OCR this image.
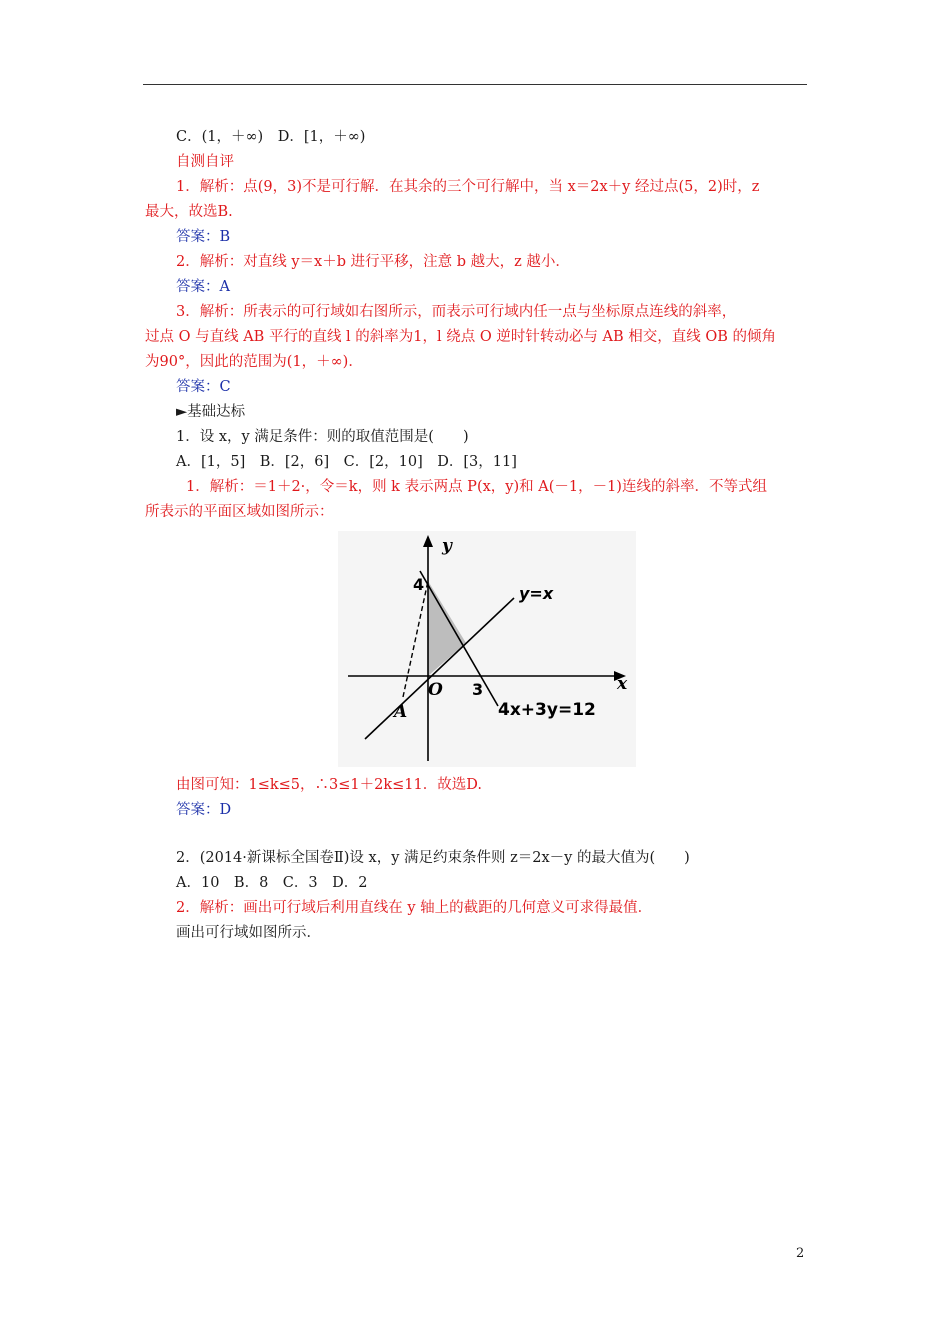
C．(1，＋∞)　D．[1，＋∞)
自测自评
1．解析：点(9，3)不是可行解．在其余的三个可行解中，当 x＝2x＋y 经过点(5，2)时，z
最大，故选B.
答案：B
2．解析：对直线 y＝x＋b 进行平移，注意 b 越大，z 越小．
答案：A
3．解析：所表示的可行域如右图所示，而表示可行域内任一点与坐标原点连线的斜率，
过点 O 与直线 AB 平行的直线 l 的斜率为1，l 绕点 O 逆时针转动必与 AB 相交，直线 OB 的倾角
为90°，因此的范围为(1，＋∞)．
答案：C
►基础达标
1．设 x，y 满足条件：则的取值范围是(　　)
A．[1，5]　B．[2，6]　C．[2，10]　D．[3，11]
1．解析：＝1＋2·，令＝k，则 k 表示两点 P(x，y)和 A(－1，－1)连线的斜率．不等式组
所表示的平面区域如图所示：
y
x
y=x
4x+3y=12
4
3
O
A
由图可知：1≤k≤5，∴3≤1＋2k≤11．故选D.
答案：D
2．(2014·新课标全国卷Ⅱ)设 x，y 满足约束条件则 z＝2x－y 的最大值为(　　)
A．10　B．8　C．3　D．2
2．解析：画出可行域后利用直线在 y 轴上的截距的几何意义可求得最值．
画出可行域如图所示．
2
